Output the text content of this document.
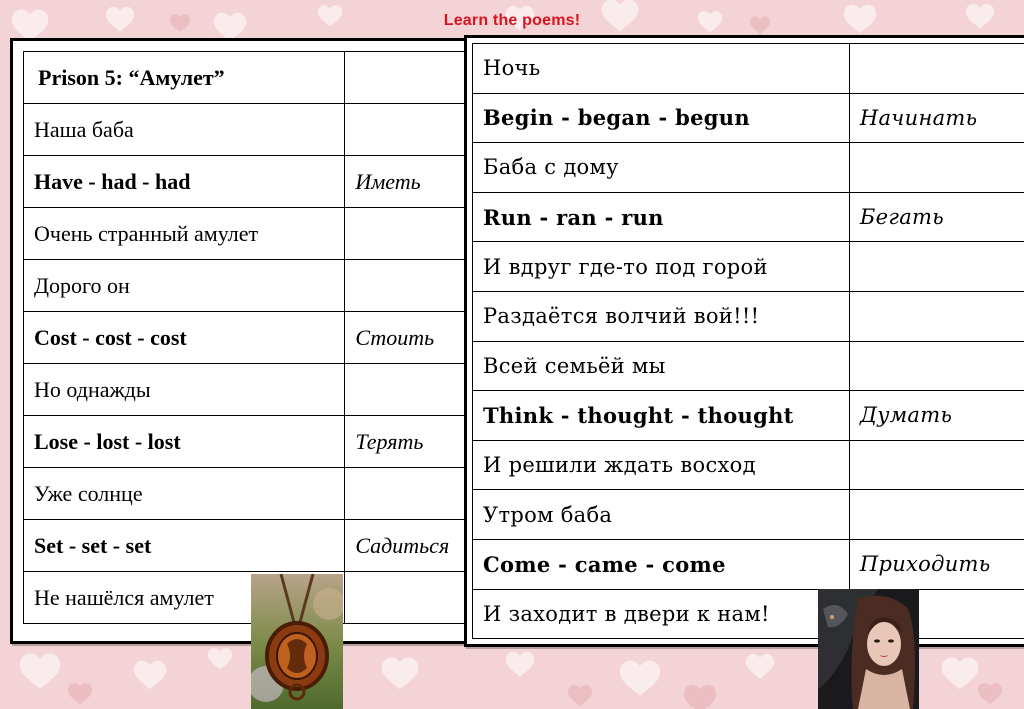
Learn the poems!
Prison 5: “Амулет”	
Наша баба	
Have - had - had	Иметь
Очень странный амулет	
Дорого он	
Cost - cost - cost	Стоить
Но однажды	
Lose - lost - lost	Терять
Уже солнце	
Set - set - set	Садиться
Не нашёлся амулет	
Ночь	
Begin - began - begun	Начинать
Баба с дому	
Run - ran - run	Бегать
И вдруг где-то под горой	
Раздаётся волчий вой!!!	
Всей семьёй мы	
Think - thought - thought	Думать
И решили ждать восход	
Утром баба	
Come - came - come	Приходить
И заходит в двери к нам!	
